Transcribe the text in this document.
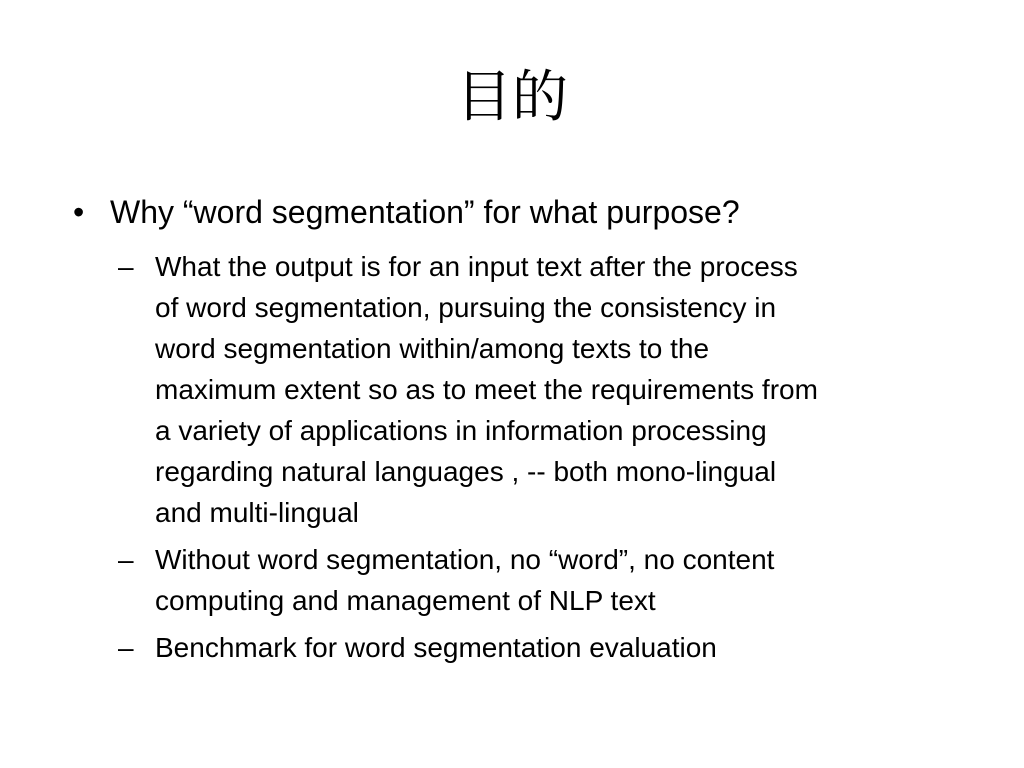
目的
• Why “word segmentation” for what purpose?
– What the output is for an input text after the process
of word segmentation, pursuing the consistency in
word segmentation within/among texts to the
maximum extent so as to meet the requirements from
a variety of applications in information processing
regarding natural languages , -- both mono-lingual
and multi-lingual
– Without word segmentation, no “word”, no content
computing and management of NLP text
– Benchmark for word segmentation evaluation
